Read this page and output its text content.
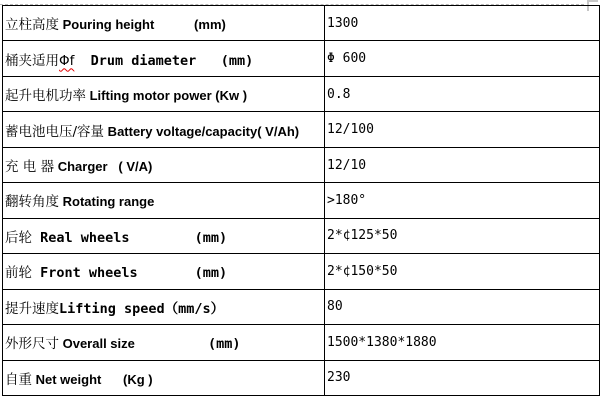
立柱高度 Pouring height           (mm)	1300
桶夹适用Φf  Drum diameter   (mm)	Φ 600
起升电机功率 Lifting motor power (Kw )	0.8
蓄电池电压/容量 Battery voltage/capacity( V/Ah)	12/100
充 电 器 Charger   ( V/A)	12/10
翻转角度 Rotating range	>180°
后轮 Real wheels        (mm)	2*¢125*50
前轮 Front wheels       (mm)	2*¢150*50
提升速度Lifting speed（mm/s）	80
外形尺寸 Overall size         (mm)	1500*1380*1880
自重 Net weight      (Kg )	230
